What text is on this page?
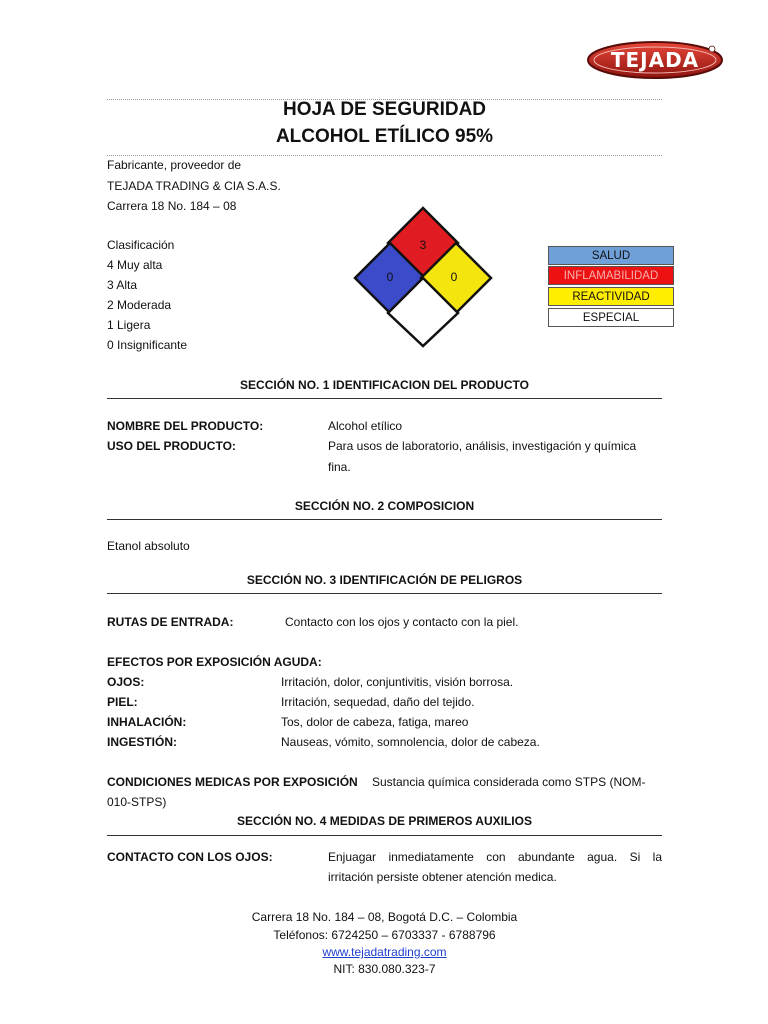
TEJADA
HOJA DE SEGURIDAD
ALCOHOL ETÍLICO 95%
Fabricante, proveedor de
TEJADA TRADING & CIA S.A.S.
Carrera 18 No. 184 – 08
Clasificación
4 Muy alta
3 Alta
2 Moderada
1 Ligera
0 Insignificante
3
0	0
SALUD
INFLAMABILIDAD
REACTIVIDAD
ESPECIAL
SECCIÓN NO. 1 IDENTIFICACION DEL PRODUCTO
NOMBRE DEL PRODUCTO:	Alcohol etílico
USO DEL PRODUCTO:	Para usos de laboratorio, análisis, investigación y química
fina.
SECCIÓN NO. 2 COMPOSICION
Etanol absoluto
SECCIÓN NO. 3 IDENTIFICACIÓN DE PELIGROS
RUTAS DE ENTRADA:	Contacto con los ojos y contacto con la piel.
EFECTOS POR EXPOSICIÓN AGUDA:
OJOS:	Irritación, dolor, conjuntivitis, visión borrosa.
PIEL:	Irritación, sequedad, daño del tejido.
INHALACIÓN:	Tos, dolor de cabeza, fatiga, mareo
INGESTIÓN:	Nauseas, vómito, somnolencia, dolor de cabeza.
CONDICIONES MEDICAS POR EXPOSICIÓN Sustancia química considerada como STPS (NOM-
010-STPS)
SECCIÓN NO. 4 MEDIDAS DE PRIMEROS AUXILIOS
CONTACTO CON LOS OJOS:	Enjuagar inmediatamente con abundante agua. Si la
irritación persiste obtener atención medica.
Carrera 18 No. 184 – 08, Bogotá D.C. – Colombia
Teléfonos: 6724250 – 6703337 - 6788796
www.tejadatrading.com
NIT: 830.080.323-7
